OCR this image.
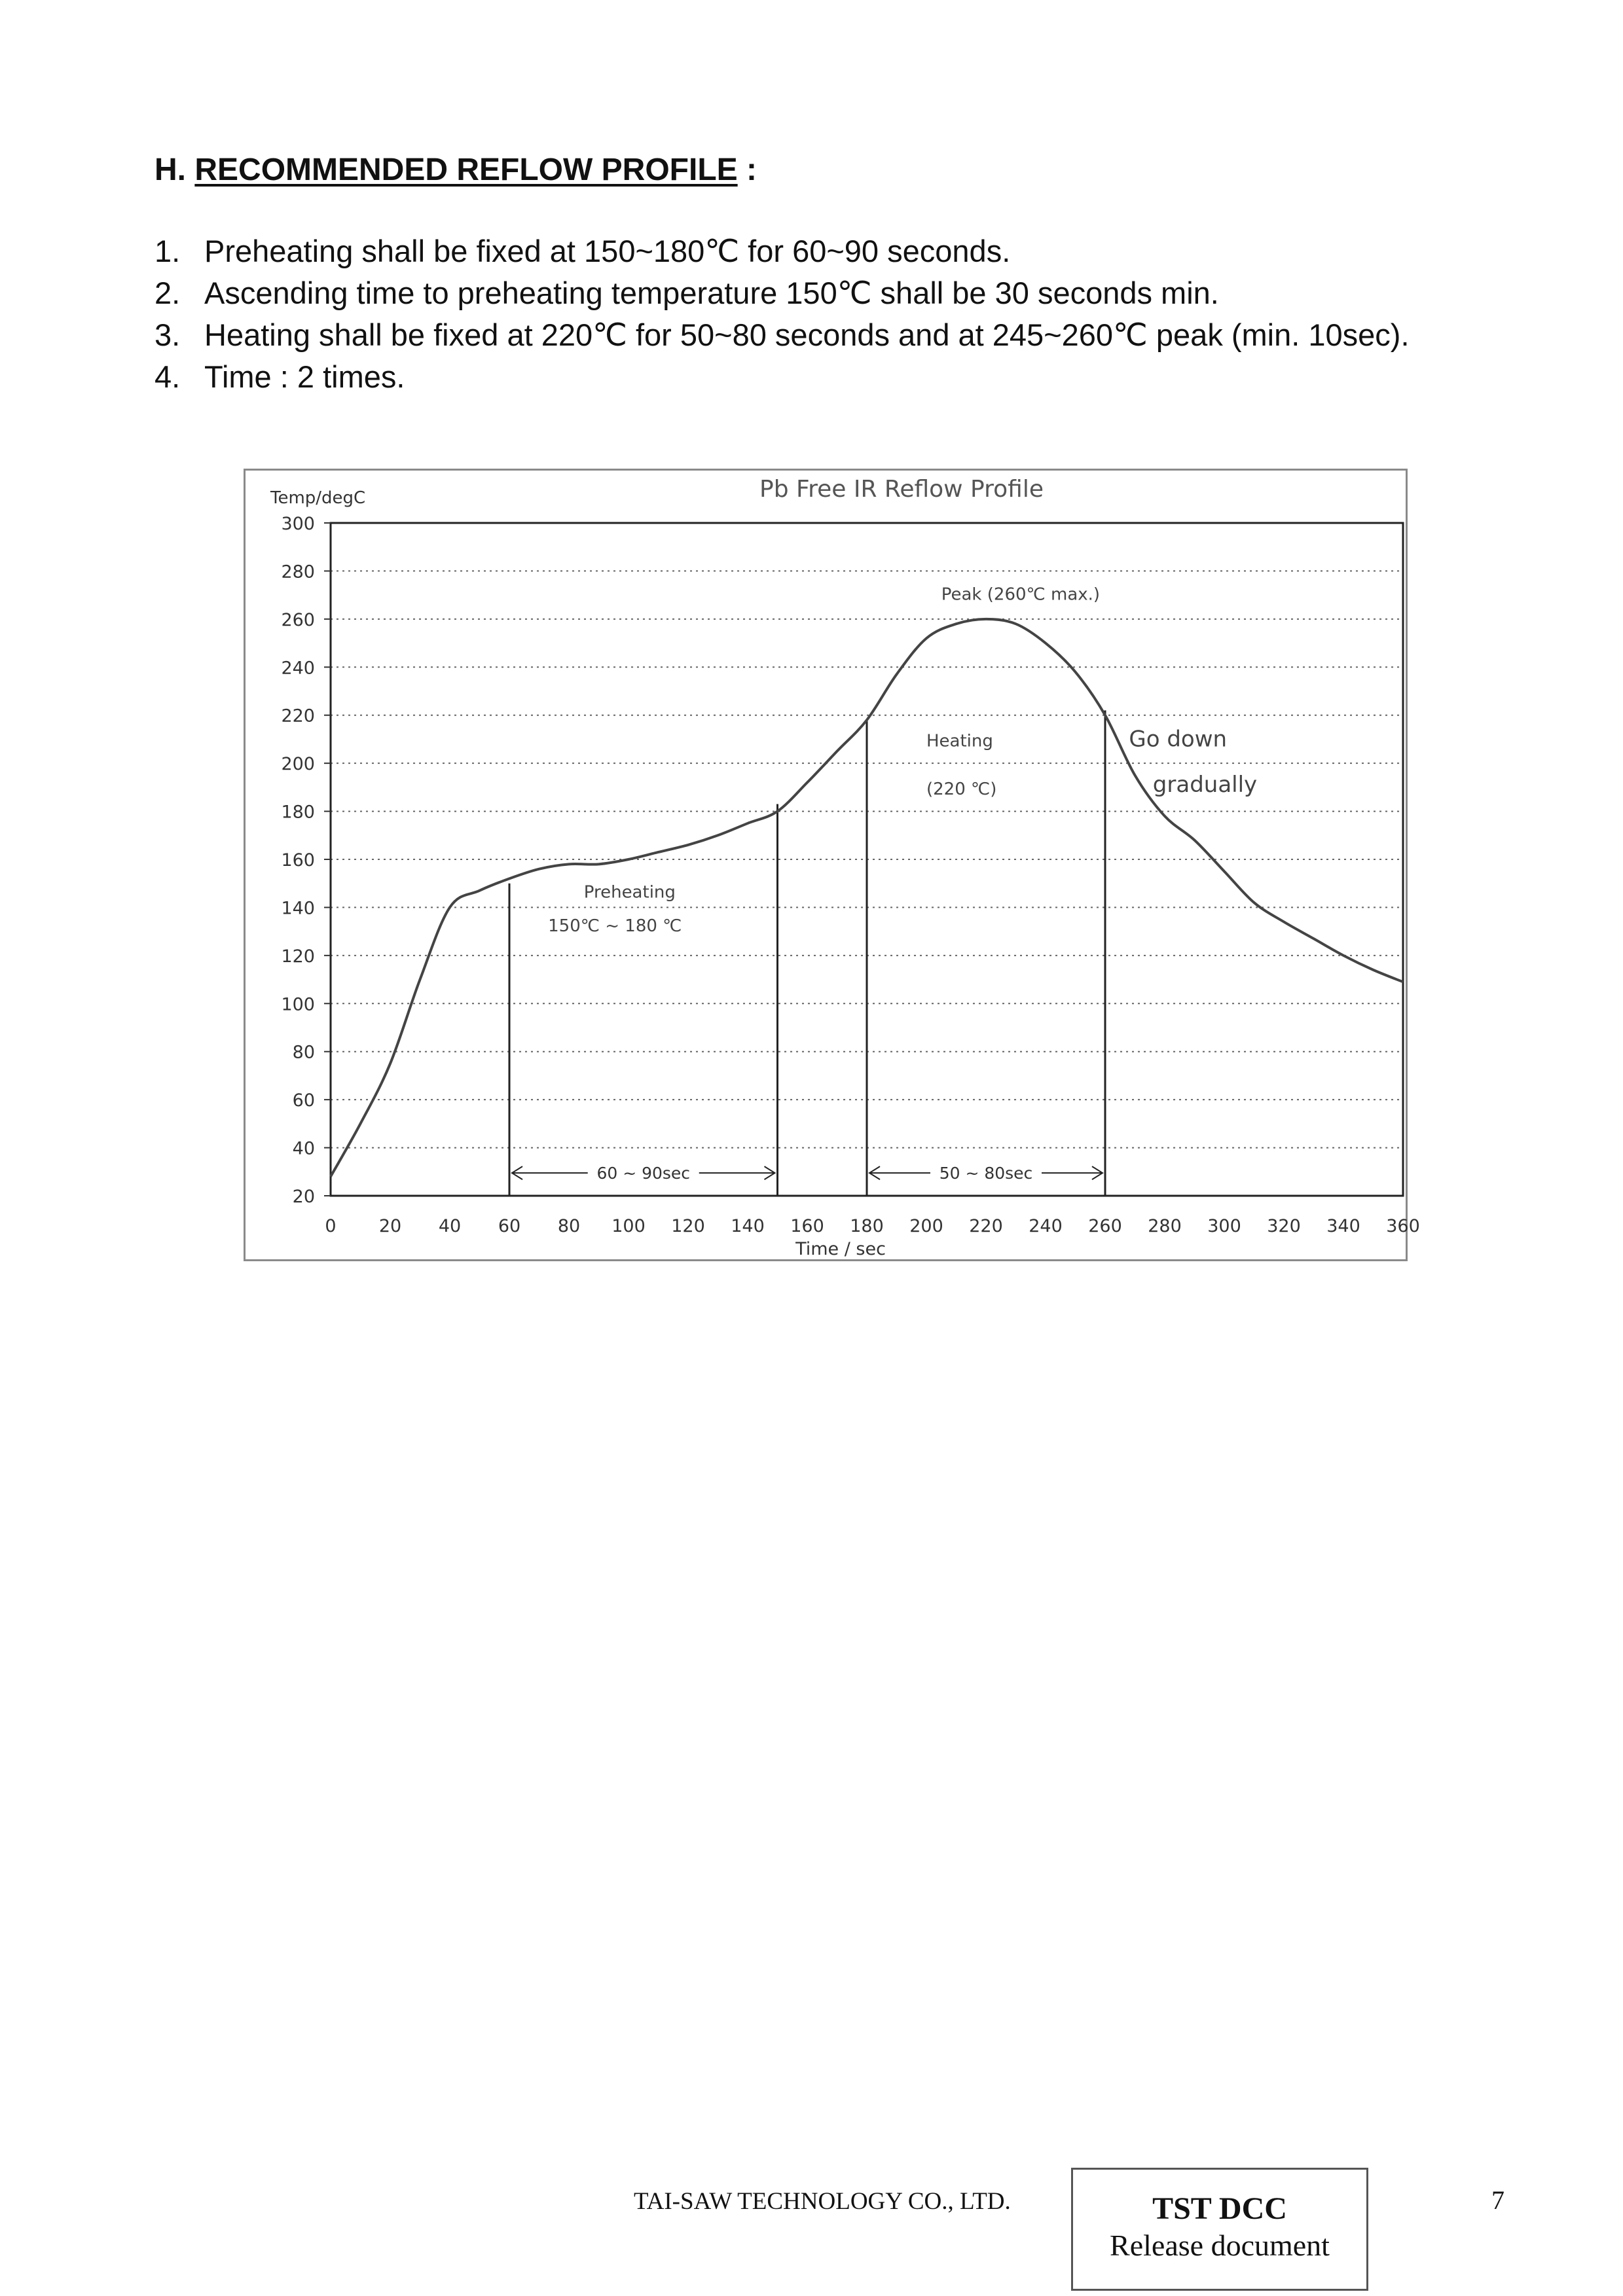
H. RECOMMENDED REFLOW PROFILE :
1. Preheating shall be fixed at 150~180℃ for 60~90 seconds.
2. Ascending time to preheating temperature 150℃ shall be 30 seconds min.
3. Heating shall be fixed at 220℃ for 50~80 seconds and at 245~260℃ peak (min. 10sec).
4. Time : 2 times.
20
40
60
80
100
120
140
160
180
200
220
240
260
280
300
0 20 40 60 80 100 120 140 160 180 200 220 240 260 280 300 320 340 360
Temp/degC
Time / sec
Pb Free IR Reflow Profile
60 ~ 90sec	50 ~ 80sec
Peak (260℃ max.)
Heating
(220 ℃)
Preheating
150℃ ~ 180 ℃
Go down
gradually
TAI-SAW TECHNOLOGY CO., LTD.	TST DCC
Release document
7
